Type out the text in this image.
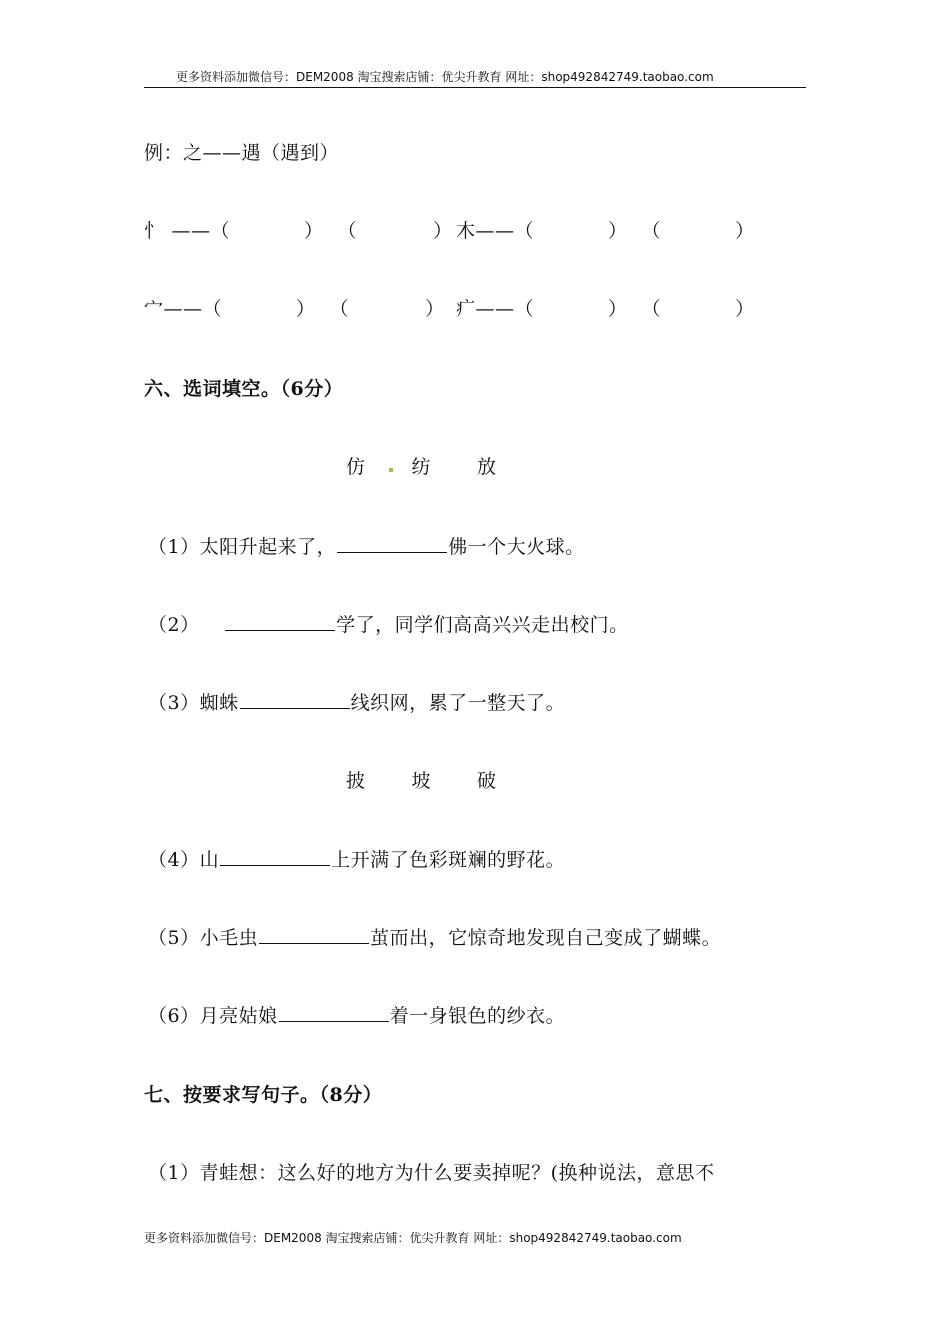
更多资料添加微信号：DEM2008 淘宝搜索店铺：优尖升教育 网址：shop492842749.taobao.com
例：之——遇（遇到）
忄 ——（	） （	） 木——（	） （	）
宀——（	） （	） 疒——（	） （	）
六、选词填空。（6分）
仿 纺 放
（1）太阳升起来了，	佛一个大火球。
（2）	学了，同学们高高兴兴走出校门。
（3）蜘蛛	线织网，累了一整天了。
披 坡 破
（4）山	上开满了色彩斑斓的野花。
（5）小毛虫	茧而出，它惊奇地发现自己变成了蝴蝶。
（6）月亮姑娘	着一身银色的纱衣。
七、按要求写句子。（8分）
（1）青蛙想：这么好的地方为什么要卖掉呢？(换种说法，意思不
更多资料添加微信号：DEM2008 淘宝搜索店铺：优尖升教育 网址：shop492842749.taobao.com
